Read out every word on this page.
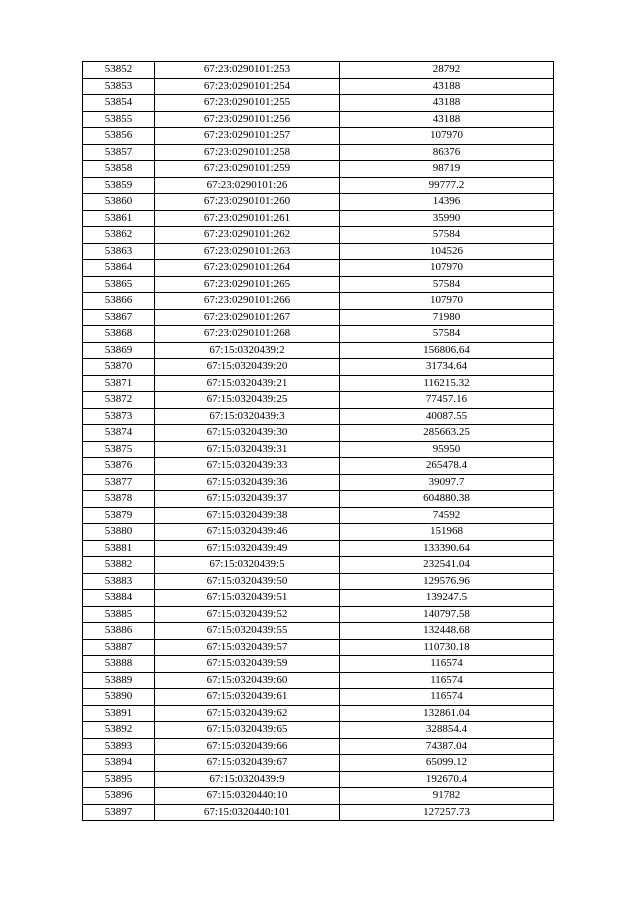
53852	67:23:0290101:253	28792
53853	67:23:0290101:254	43188
53854	67:23:0290101:255	43188
53855	67:23:0290101:256	43188
53856	67:23:0290101:257	107970
53857	67:23:0290101:258	86376
53858	67:23:0290101:259	98719
53859	67:23:0290101:26	99777.2
53860	67:23:0290101:260	14396
53861	67:23:0290101:261	35990
53862	67:23:0290101:262	57584
53863	67:23:0290101:263	104526
53864	67:23:0290101:264	107970
53865	67:23:0290101:265	57584
53866	67:23:0290101:266	107970
53867	67:23:0290101:267	71980
53868	67:23:0290101:268	57584
53869	67:15:0320439:2	156806.64
53870	67:15:0320439:20	31734.64
53871	67:15:0320439:21	116215.32
53872	67:15:0320439:25	77457.16
53873	67:15:0320439:3	40087.55
53874	67:15:0320439:30	285663.25
53875	67:15:0320439:31	95950
53876	67:15:0320439:33	265478.4
53877	67:15:0320439:36	39097.7
53878	67:15:0320439:37	604880.38
53879	67:15:0320439:38	74592
53880	67:15:0320439:46	151968
53881	67:15:0320439:49	133390.64
53882	67:15:0320439:5	232541.04
53883	67:15:0320439:50	129576.96
53884	67:15:0320439:51	139247.5
53885	67:15:0320439:52	140797.58
53886	67:15:0320439:55	132448.68
53887	67:15:0320439:57	110730.18
53888	67:15:0320439:59	116574
53889	67:15:0320439:60	116574
53890	67:15:0320439:61	116574
53891	67:15:0320439:62	132861.04
53892	67:15:0320439:65	328854.4
53893	67:15:0320439:66	74387.04
53894	67:15:0320439:67	65099.12
53895	67:15:0320439:9	192670.4
53896	67:15:0320440:10	91782
53897	67:15:0320440:101	127257.73
